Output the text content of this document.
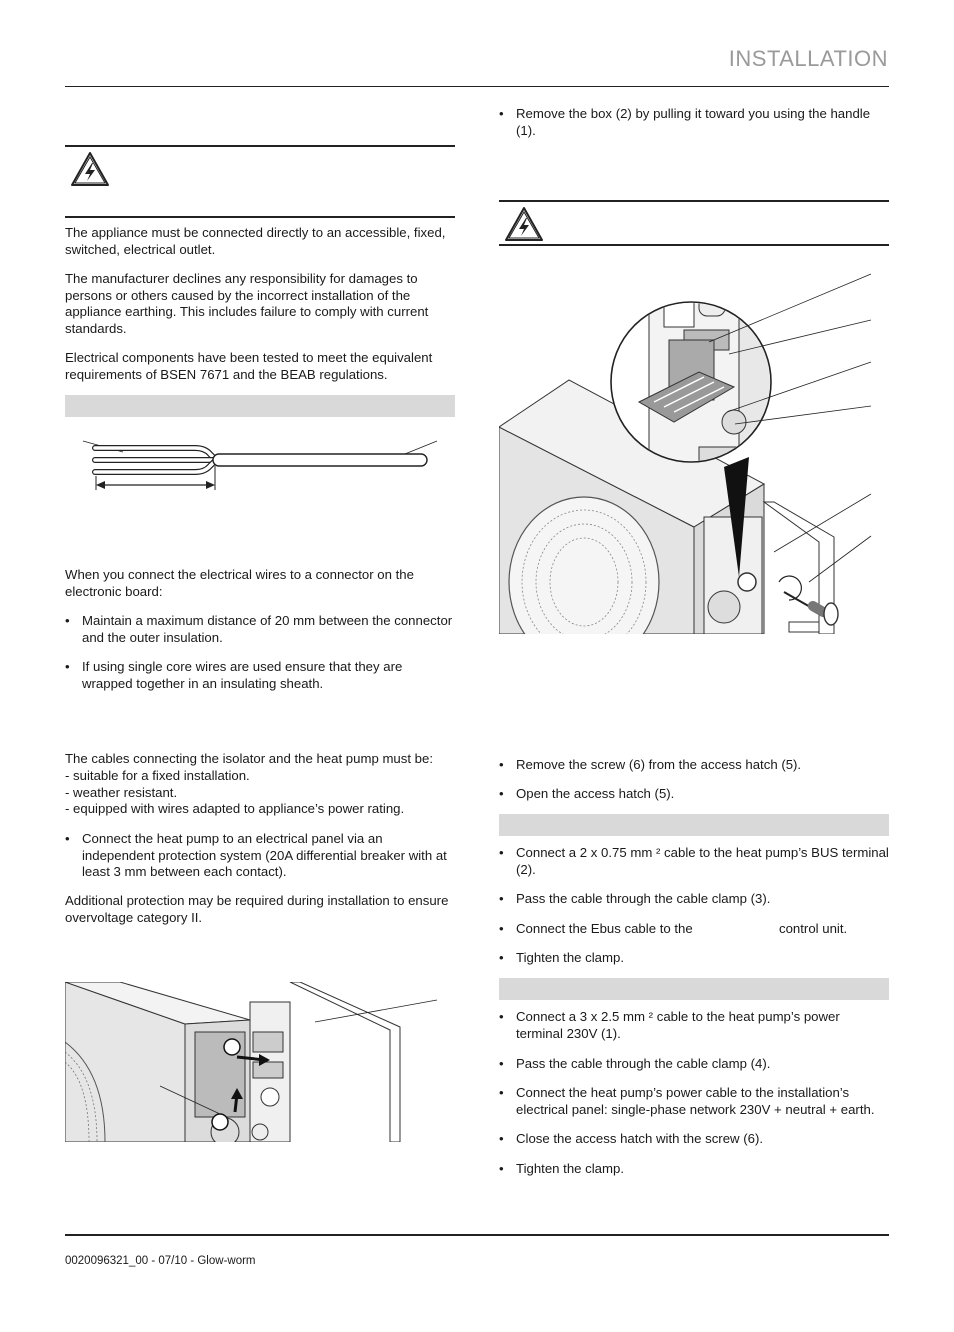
INSTALLATION

The appliance must be connected directly to an accessible, fixed, switched, electrical outlet.

The manufacturer declines any responsibility for damages to persons or others caused by the incorrect installation of the appliance earthing. This includes failure to comply with current standards.

Electrical components have been tested to meet the equivalent requirements of BSEN 7671 and the BEAB regulations.

When you connect the electrical wires to a connector on the electronic board:

• Maintain a maximum distance of 20 mm between the connector and the outer insulation.

• If using single core wires are used ensure that they are wrapped together in an insulating sheath.

The cables connecting the isolator and the heat pump must be:

- suitable for a fixed installation.

- weather resistant.

- equipped with wires adapted to appliance’s power rating.

• Connect the heat pump to an electrical panel via an independent protection system (20A differential breaker with at least 3 mm between each contact).

Additional protection may be required during installation to ensure overvoltage category II.

• Remove the box (2) by pulling it toward you using the handle (1).

• Remove the screw (6) from the access hatch (5).

• Open the access hatch (5).

• Connect a 2 x 0.75 mm ² cable to the heat pump’s BUS terminal (2).

• Pass the cable through the cable clamp (3).

• Connect the Ebus cable to the	control unit.

• Tighten the clamp.

• Connect a 3 x 2.5 mm ² cable to the heat pump’s power terminal 230V (1).

• Pass the cable through the cable clamp (4).

• Connect the heat pump’s power cable to the installation’s electrical panel: single-phase network 230V + neutral + earth.

• Close the access hatch with the screw (6).

• Tighten the clamp.

0020096321_00 - 07/10 - Glow-worm
